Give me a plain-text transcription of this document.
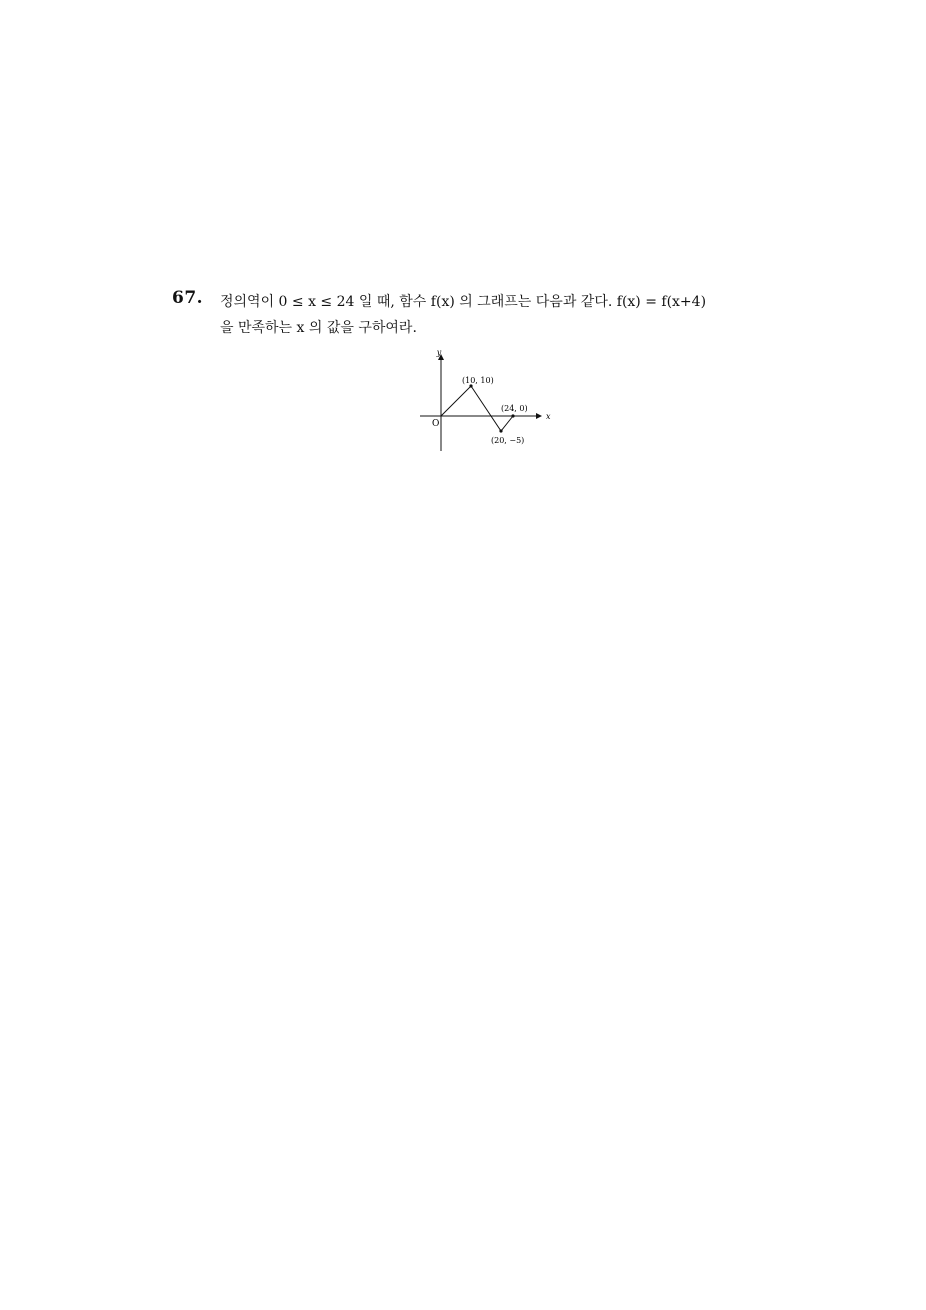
67. 정의역이 0 ≤ x ≤ 24 일 때, 함수 f(x) 의 그래프는 다음과 같다. f(x) = f(x+4)
을 만족하는 x 의 값을 구하여라.
y
x
O
(10, 10)
(20, −5)
(24, 0)
